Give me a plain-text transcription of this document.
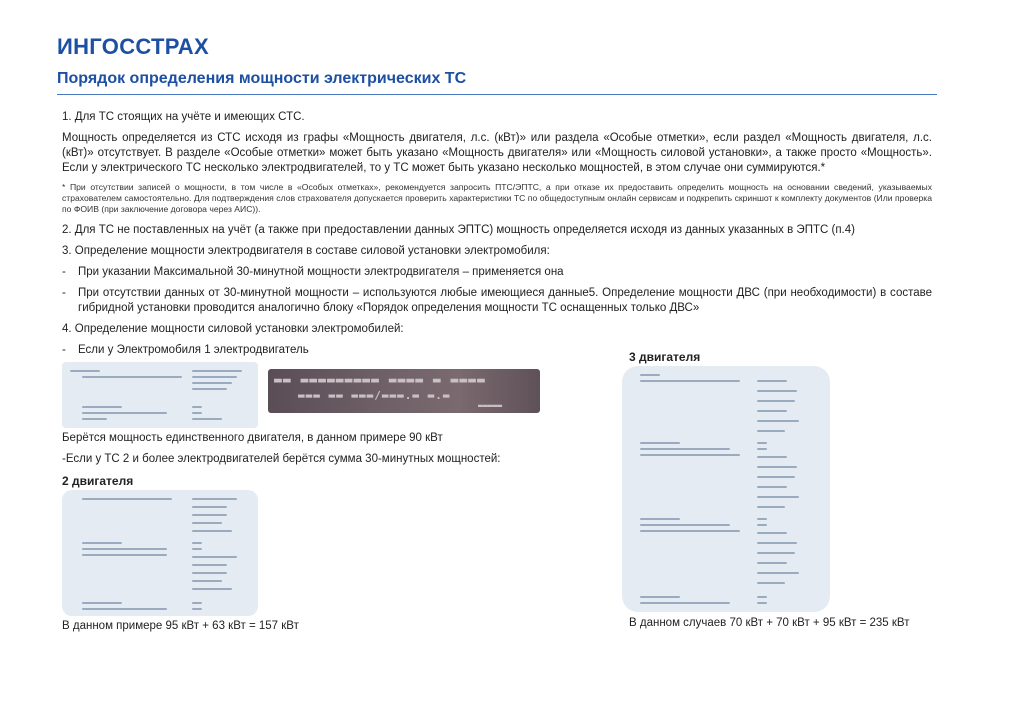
ИНГОССТРАХ
Порядок определения мощности электрических ТС
1. Для ТС стоящих на учёте и имеющих СТС.
Мощность определяется из СТС исходя из графы «Мощность двигателя, л.с. (кВт)» или раздела «Особые отметки», если раздел «Мощность двигателя, л.с. (кВт)» отсутствует. В разделе «Особые отметки» может быть указано «Мощность двигателя» или «Мощность силовой установки», а также просто «Мощность». Если у электрического ТС несколько электродвигателей, то у ТС может быть указано несколько мощностей, в этом случае они суммируются.*
* При отсутствии записей о мощности, в том числе в «Особых отметках», рекомендуется запросить ПТС/ЭПТС, а при отказе их предоставить определить мощность на основании сведений, указываемых страхователем самостоятельно. Для подтверждения слов страхователя допускается проверить характеристики ТС по общедоступным онлайн сервисам и подкрепить скриншот к комплекту документов (Или проверка по ФОИВ (при заключение договора через АИС)).
2. Для ТС не поставленных на учёт (а также при предоставлении данных ЭПТС) мощность определяется исходя из данных указанных в ЭПТС (п.4)
3. Определение мощности электродвигателя в составе силовой установки электромобиля:
-	При указании Максимальной 30-минутной мощности электродвигателя – применяется она
-	При отсутствии данных от 30-минутной мощности – используются любые имеющиеся данные5. Определение мощности ДВС (при необходимости) в составе гибридной установки проводится аналогично блоку «Порядок определения мощности ТС оснащенных только ДВС»
4. Определение мощности силовой установки электромобилей:
-	Если у Электромобиля 1 электродвигатель
▬▬ ▬▬▬▬▬▬▬▬▬ ▬▬▬▬ ▬ ▬▬▬▬
▬▬▬ ▬▬ ▬▬▬/▬▬▬.▬ ▬.▬
▬▬▬▬▬
Берётся мощность единственного двигателя, в данном примере 90 кВт
-Если у ТС 2 и более электродвигателей берётся сумма 30-минутных мощностей:
2 двигателя
В данном примере 95 кВт + 63 кВт = 157 кВт
3 двигателя
В данном случаев 70 кВт + 70 кВт + 95 кВт = 235 кВт
